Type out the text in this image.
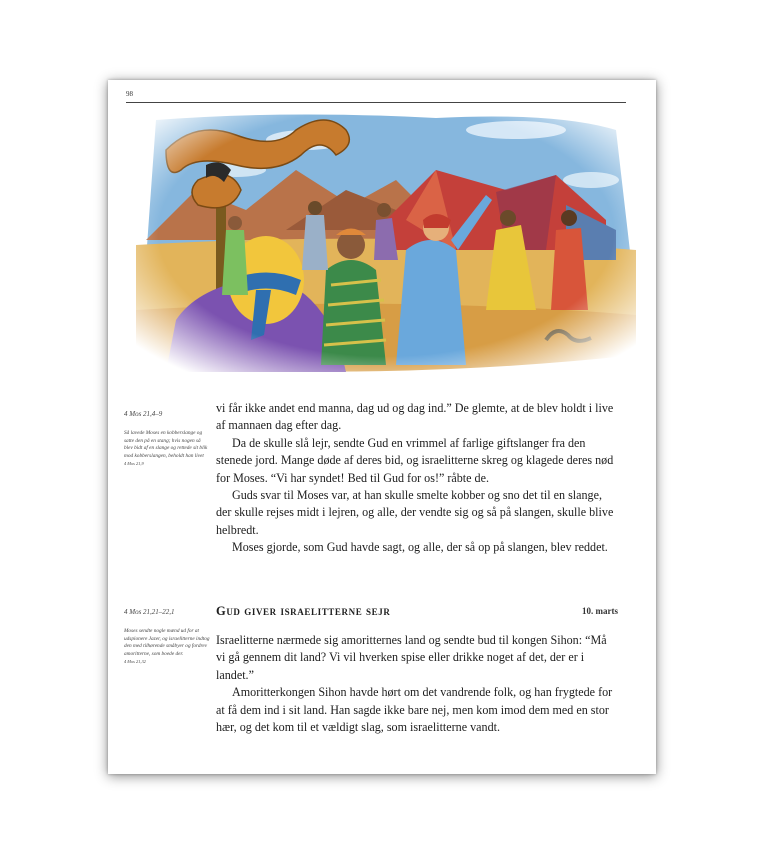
98
4 Mos 21,4–9
Så lavede Moses en kobberslange og satte den på en stang; hvis nogen så blev bidt af en slange og rettede sit blik mod kobberslangen, beholdt han livet
4 Mos 21,9

vi får ikke andet end manna, dag ud og dag ind.” De glemte, at de blev holdt i live af mannaen dag efter dag.

Da de skulle slå lejr, sendte Gud en vrimmel af farlige giftslanger fra den stenede jord. Mange døde af deres bid, og israelitterne skreg og klagede deres nød for Moses. “Vi har syndet! Bed til Gud for os!” råbte de.

Guds svar til Moses var, at han skulle smelte kobber og sno det til en slange, der skulle rejses midt i lejren, og alle, der vendte sig og så på slangen, skulle blive helbredt.

Moses gjorde, som Gud havde sagt, og alle, der så op på slangen, blev reddet.

Gud giver israelitterne sejr	10. marts
4 Mos 21,21–22,1
Moses sendte nogle mænd ud for at udspionere Jazer, og israelitterne indtog den med tilhørende småbyer og fordrev amoritterne, som boede der.
4 Mos 21,32

Israelitterne nærmede sig amoritternes land og sendte bud til kongen Sihon: “Må vi gå gennem dit land? Vi vil hverken spise eller drikke noget af det, der er i landet.”

Amoritterkongen Sihon havde hørt om det vandrende folk, og han frygtede for at få dem ind i sit land. Han sagde ikke bare nej, men kom imod dem med en stor hær, og det kom til et vældigt slag, som israelitterne vandt.
